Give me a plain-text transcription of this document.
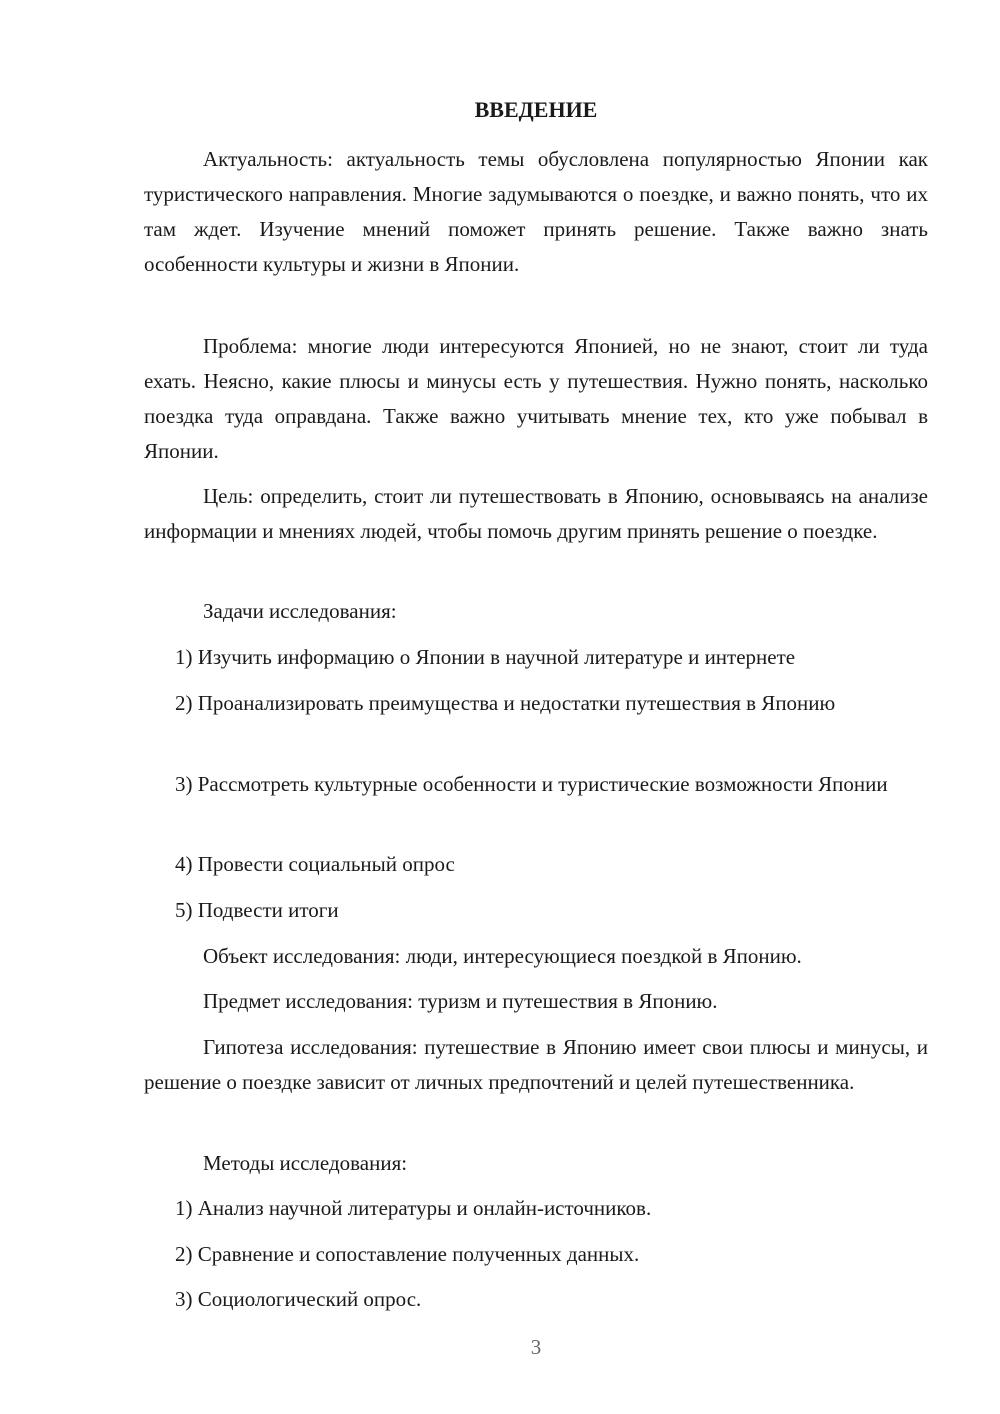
ВВЕДЕНИЕ

Актуальность: актуальность темы обусловлена популярностью Японии как туристического направления. Многие задумываются о поездке, и важно понять, что их там ждет. Изучение мнений поможет принять решение. Также важно знать особенности культуры и жизни в Японии.

Проблема: многие люди интересуются Японией, но не знают, стоит ли туда ехать. Неясно, какие плюсы и минусы есть у путешествия. Нужно понять, насколько поездка туда оправдана. Также важно учитывать мнение тех, кто уже побывал в Японии.

Цель: определить, стоит ли путешествовать в Японию, основываясь на анализе информации и мнениях людей, чтобы помочь другим принять решение о поездке.

Задачи исследования:

1) Изучить информацию о Японии в научной литературе и интернете

2) Проанализировать преимущества и недостатки путешествия в Японию

3) Рассмотреть культурные особенности и туристические возможности Японии

4) Провести социальный опрос

5) Подвести итоги

Объект исследования: люди, интересующиеся поездкой в Японию.

Предмет исследования: туризм и путешествия в Японию.

Гипотеза исследования: путешествие в Японию имеет свои плюсы и минусы, и решение о поездке зависит от личных предпочтений и целей путешественника.

Методы исследования:

1) Анализ научной литературы и онлайн-источников.

2) Сравнение и сопоставление полученных данных.

3) Социологический опрос.

3
